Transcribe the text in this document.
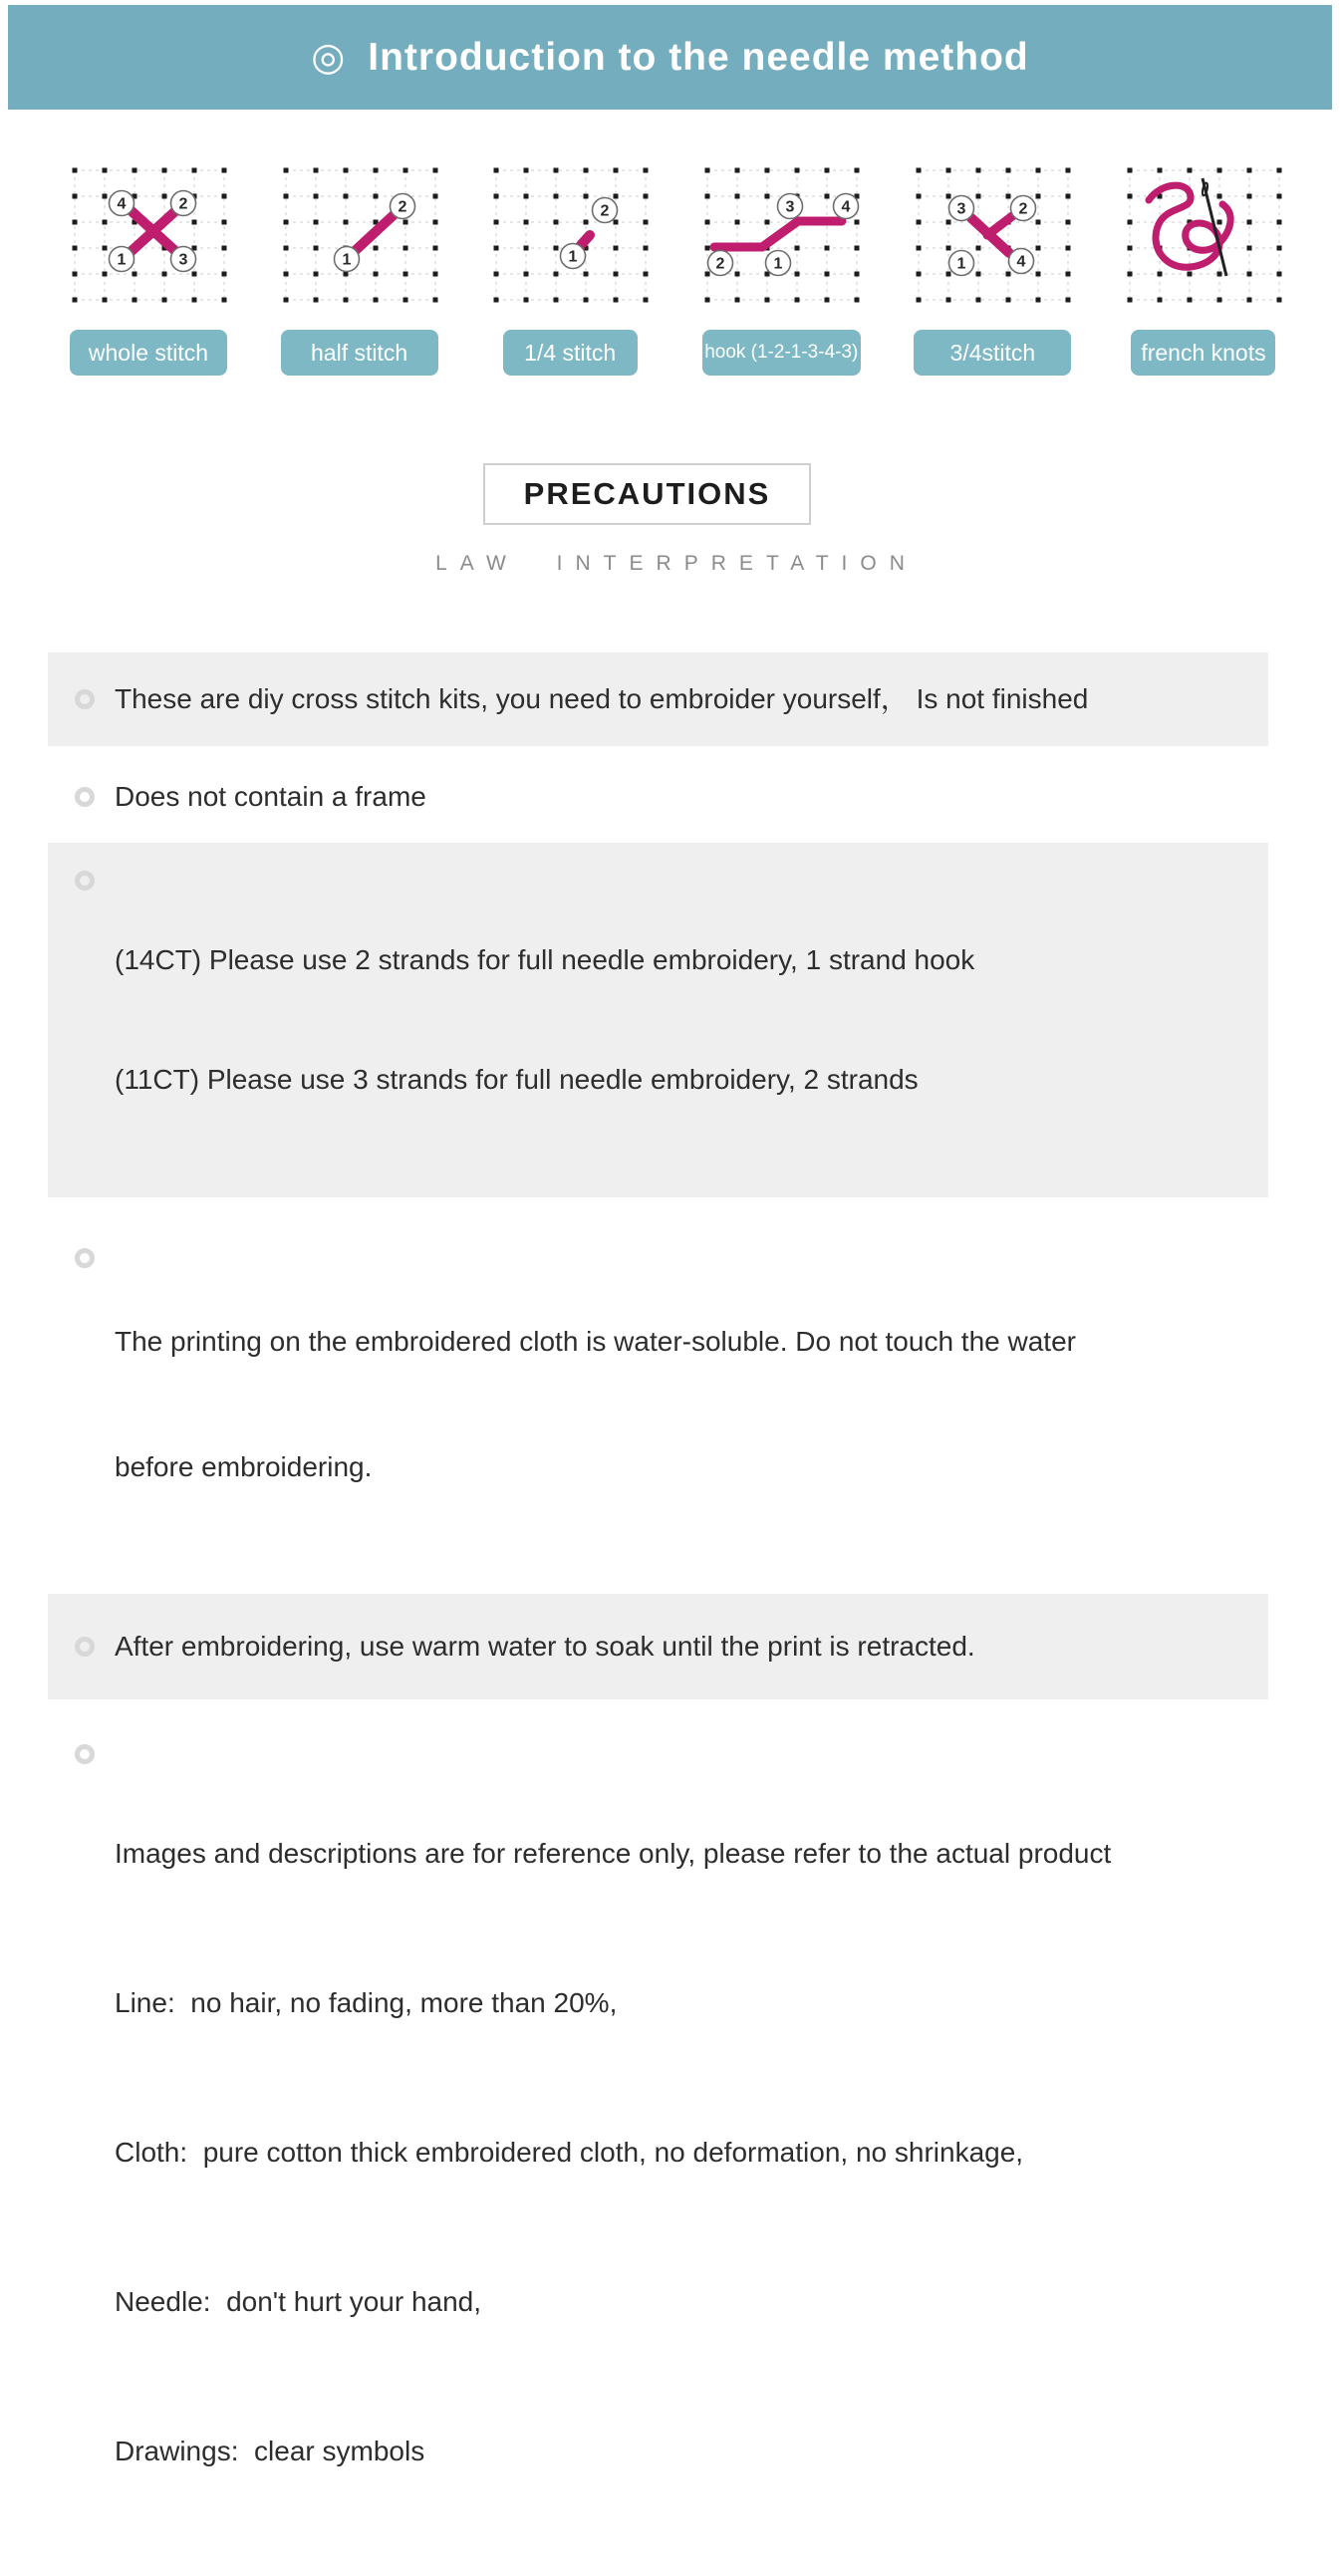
◎ Introduction to the needle method
4	2
1	3
whole stitch
2
1
half stitch
2
1
1/4 stitch
3	4
2	1
hook (1-2-1-3-4-3)
3	2
1	4
3/4stitch	french knots
PRECAUTIONS
LAW INTERPRETATION
These are diy cross stitch kits, you need to embroider yourself， Is not finished
Does not contain a frame

(14CT) Please use 2 strands for full needle embroidery, 1 strand hook

(11CT) Please use 3 strands for full needle embroidery, 2 strands

The printing on the embroidered cloth is water-soluble. Do not touch the water

before embroidering.

After embroidering, use warm water to soak until the print is retracted.

Images and descriptions are for reference only, please refer to the actual product

Line:  no hair, no fading, more than 20%,

Cloth:  pure cotton thick embroidered cloth, no deformation, no shrinkage,

Needle:  don't hurt your hand,

Drawings:  clear symbols
